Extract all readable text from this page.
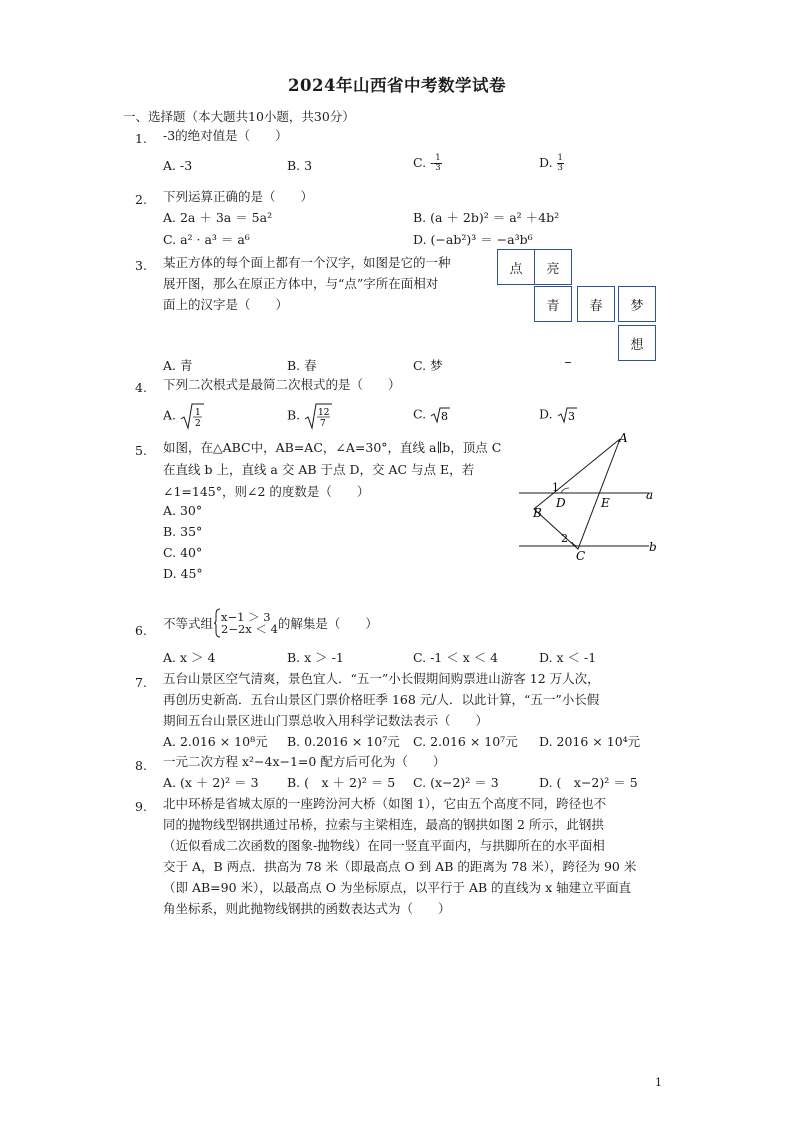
2024年山西省中考数学试卷
一、选择题（本大题共10小题，共30分）
1. -3的绝对值是（　　）
A. -3	B. 3	C. - $\frac{1}{3}$	D. $\frac{1}{3}$
2. 下列运算正确的是（　　）
A. 2a ＋ 3a ＝ 5a²	B. (a ＋ 2b)² ＝ a² ＋4b²
C. a² · a³ ＝ a⁶	D. (−ab²)³ ＝ −a³b⁶
3. 某正方体的每个面上都有一个汉字，如图是它的一种
展开图，那么在原正方体中，与“点”字所在面相对
面上的汉字是（　　）
点	亮
青	春	梦
想
A. 青	B. 春	C. 梦
4. 下列二次根式是最简二次根式的是（　　）
A. 1
2
B. 12
7
C. 8	D. 3
5. 如图，在△ABC中，AB=AC，∠A=30°，直线 a∥b，顶点 C
在直线 b 上，直线 a 交 AB 于点 D，交 AC 与点 E，若
∠1=145°，则∠2 的度数是（　　）
A. 30°
B. 35°
C. 40°
D. 45°
A
B
C
D	E
1
2
a
b
6. 不等式组 x−1 ＞ 3
2−2x ＜ 4 的解集是（　　）
A. x ＞ 4	B. x ＞ -1	C. -1 ＜ x ＜ 4	D. x ＜ -1
7. 五台山景区空气清爽，景色宜人．“五一”小长假期间购票进山游客 12 万人次，
再创历史新高．五台山景区门票价格旺季 168 元/人．以此计算，“五一”小长假
期间五台山景区进山门票总收入用科学记数法表示（　　）
A. 2.016 × 10⁸元 B. 0.2016 × 10⁷元 C. 2.016 × 10⁷元 D. 2016 × 10⁴元
8. 一元二次方程 x²−4x−1=0 配方后可化为（　　）
A. (x ＋ 2)² ＝ 3 B. (　x ＋ 2)² ＝ 5 C. (x−2)² ＝ 3	D. (　x−2)² ＝ 5
9. 北中环桥是省城太原的一座跨汾河大桥（如图 1），它由五个高度不同，跨径也不
同的抛物线型钢拱通过吊桥，拉索与主梁相连，最高的钢拱如图 2 所示，此钢拱
（近似看成二次函数的图象-抛物线）在同一竖直平面内，与拱脚所在的水平面相
交于 A，B 两点．拱高为 78 米（即最高点 O 到 AB 的距离为 78 米），跨径为 90 米
（即 AB=90 米），以最高点 O 为坐标原点，以平行于 AB 的直线为 x 轴建立平面直
角坐标系，则此抛物线钢拱的函数表达式为（　　）
1
